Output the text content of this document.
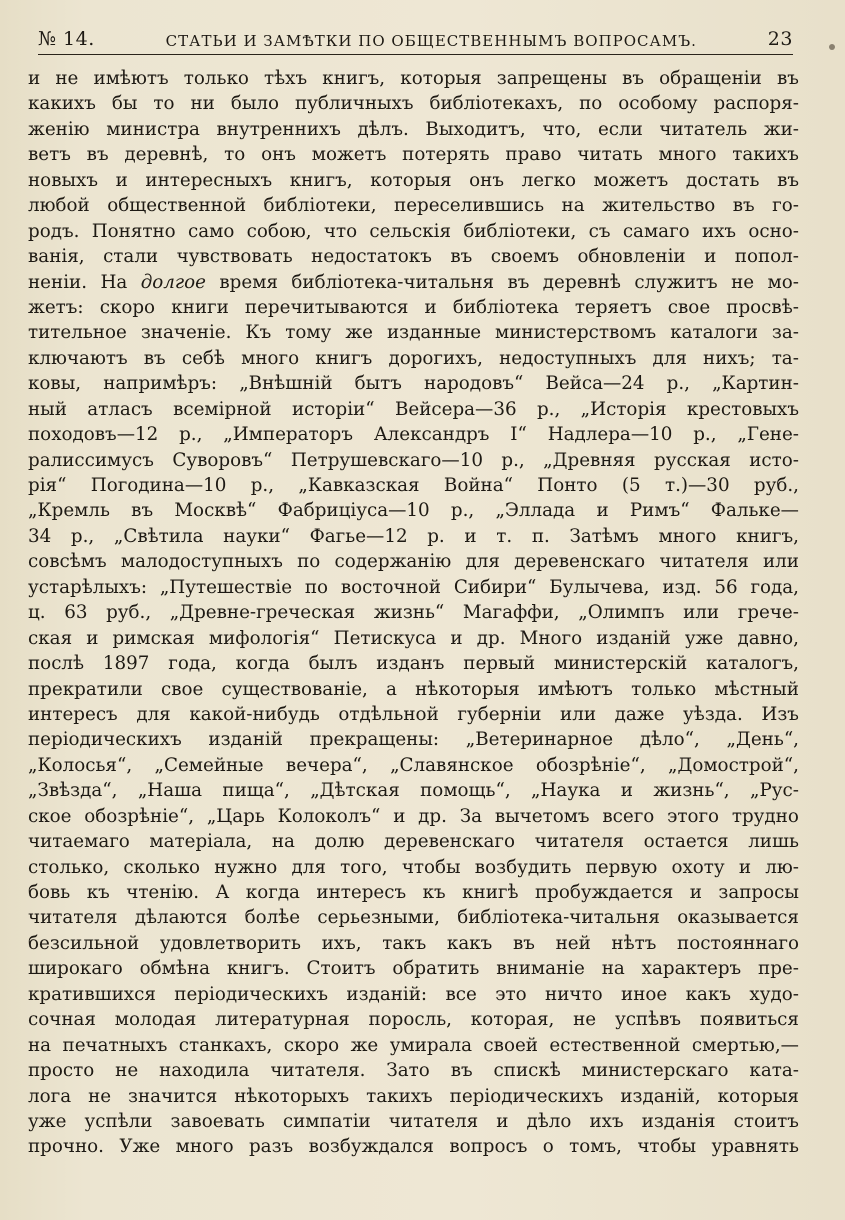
№ 14.	СТАТЬИ И ЗАМѢТКИ ПО ОБЩЕСТВЕННЫМЪ ВОПРОСАМЪ.	23
и не имѣютъ только тѣхъ книгъ, которыя запрещены въ обращенiи въ
какихъ бы то ни было публичныхъ библiотекахъ, по особому распоря-
женiю министра внутреннихъ дѣлъ. Выходитъ, что, если читатель жи-
ветъ въ деревнѣ, то онъ можетъ потерять право читать много такихъ
новыхъ и интересныхъ книгъ, которыя онъ легко можетъ достать въ
любой общественной библiотеки, переселившись на жительство въ го-
родъ. Понятно само собою, что сельскiя библiотеки, съ самаго ихъ осно-
ванiя, стали чувствовать недостатокъ въ своемъ обновленiи и попол-
ненiи. На долгое время библiотека-читальня въ деревнѣ служитъ не мо-
жетъ: скоро книги перечитываются и библiотека теряетъ свое просвѣ-
тительное значенiе. Къ тому же изданные министерствомъ каталоги за-
ключаютъ въ себѣ много книгъ дорогихъ, недоступныхъ для нихъ; та-
ковы, напримѣръ: „Внѣшнiй бытъ народовъ“ Вейса—24 р., „Картин-
ный атласъ всемiрной исторiи“ Вейсера—36 р., „Исторiя крестовыхъ
походовъ—12 р., „Императоръ Александръ I“ Надлера—10 р., „Гене-
ралиссимусъ Суворовъ“ Петрушевскаго—10 р., „Древняя русская исто-
рiя“ Погодина—10 р., „Кавказская Война“ Понто (5 т.)—30 руб.,
„Кремль въ Москвѣ“ Фабрицiуса—10 р., „Эллада и Римъ“ Фальке—
34 р., „Свѣтила науки“ Фагье—12 р. и т. п. Затѣмъ много книгъ,
совсѣмъ малодоступныхъ по содержанiю для деревенскаго читателя или
устарѣлыхъ: „Путешествiе по восточной Сибири“ Булычева, изд. 56 года,
ц. 63 руб., „Древне-греческая жизнь“ Магаффи, „Олимпъ или грече-
ская и римская мифологiя“ Петискуса и др. Много изданiй уже давно,
послѣ 1897 года, когда былъ изданъ первый министерскiй каталогъ,
прекратили свое существованiе, а нѣкоторыя имѣютъ только мѣстный
интересъ для какой-нибудь отдѣльной губернiи или даже уѣзда. Изъ
перiодическихъ изданiй прекращены: „Ветеринарное дѣло“, „День“,
„Колосья“, „Семейные вечера“, „Славянское обозрѣнiе“, „Домострой“,
„Звѣзда“, „Наша пища“, „Дѣтская помощь“, „Наука и жизнь“, „Рус-
ское обозрѣнiе“, „Царь Колоколъ“ и др. За вычетомъ всего этого трудно
читаемаго матерiала, на долю деревенскаго читателя остается лишь
столько, сколько нужно для того, чтобы возбудить первую охоту и лю-
бовь къ чтенiю. А когда интересъ къ книгѣ пробуждается и запросы
читателя дѣлаются болѣе серьезными, библiотека-читальня оказывается
безсильной удовлетворить ихъ, такъ какъ въ ней нѣтъ постояннаго
широкаго обмѣна книгъ. Стоитъ обратить вниманiе на характеръ пре-
кратившихся перiодическихъ изданiй: все это ничто иное какъ худо-
сочная молодая литературная поросль, которая, не успѣвъ появиться
на печатныхъ станкахъ, скоро же умирала своей естественной смертью,—
просто не находила читателя. Зато въ спискѣ министерскаго ката-
лога не значится нѣкоторыхъ такихъ перiодическихъ изданiй, которыя
уже успѣли завоевать симпатiи читателя и дѣло ихъ изданiя стоитъ
прочно. Уже много разъ возбуждался вопросъ о томъ, чтобы уравнять
